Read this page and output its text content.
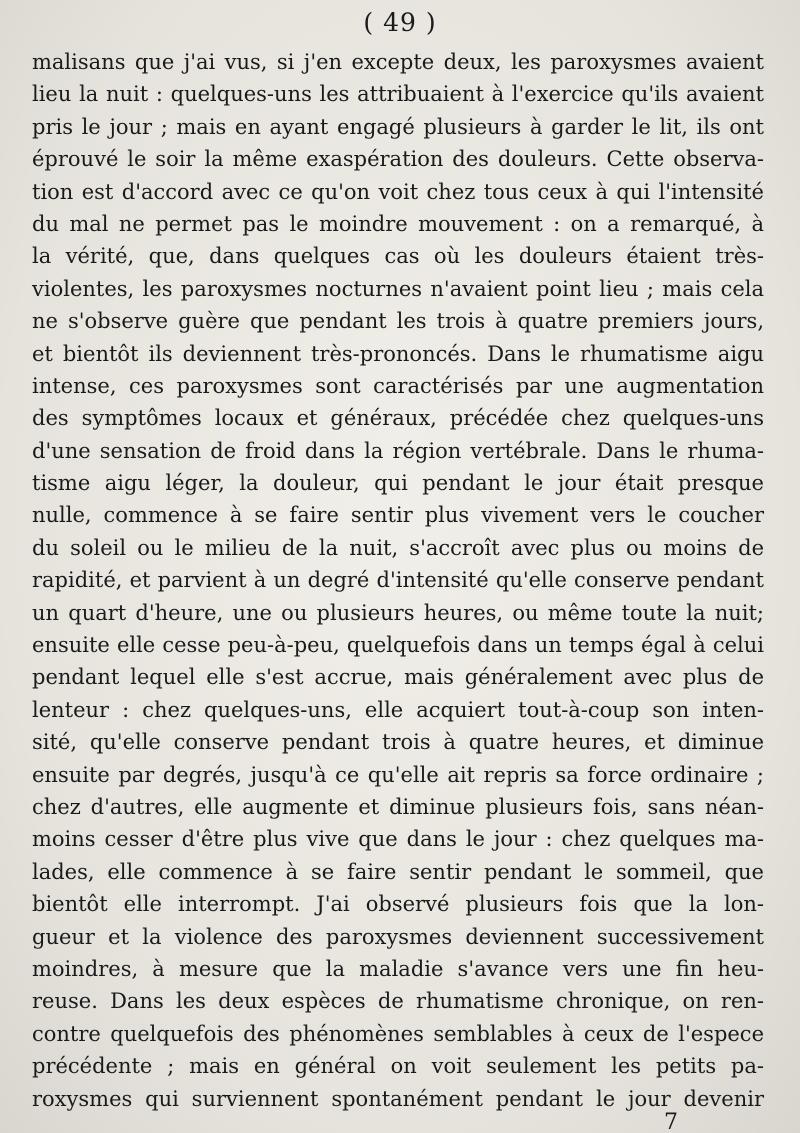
( 49 )
malisans que j'ai vus, si j'en excepte deux, les paroxysmes avaient
lieu la nuit : quelques-uns les attribuaient à l'exercice qu'ils avaient
pris le jour ; mais en ayant engagé plusieurs à garder le lit, ils ont
éprouvé le soir la même exaspération des douleurs. Cette observa-
tion est d'accord avec ce qu'on voit chez tous ceux à qui l'intensité
du mal ne permet pas le moindre mouvement : on a remarqué, à
la vérité, que, dans quelques cas où les douleurs étaient très-
violentes, les paroxysmes nocturnes n'avaient point lieu ; mais cela
ne s'observe guère que pendant les trois à quatre premiers jours,
et bientôt ils deviennent très-prononcés. Dans le rhumatisme aigu
intense, ces paroxysmes sont caractérisés par une augmentation
des symptômes locaux et généraux, précédée chez quelques-uns
d'une sensation de froid dans la région vertébrale. Dans le rhuma-
tisme aigu léger, la douleur, qui pendant le jour était presque
nulle, commence à se faire sentir plus vivement vers le coucher
du soleil ou le milieu de la nuit, s'accroît avec plus ou moins de
rapidité, et parvient à un degré d'intensité qu'elle conserve pendant
un quart d'heure, une ou plusieurs heures, ou même toute la nuit;
ensuite elle cesse peu-à-peu, quelquefois dans un temps égal à celui
pendant lequel elle s'est accrue, mais généralement avec plus de
lenteur : chez quelques-uns, elle acquiert tout-à-coup son inten-
sité, qu'elle conserve pendant trois à quatre heures, et diminue
ensuite par degrés, jusqu'à ce qu'elle ait repris sa force ordinaire ;
chez d'autres, elle augmente et diminue plusieurs fois, sans néan-
moins cesser d'être plus vive que dans le jour : chez quelques ma-
lades, elle commence à se faire sentir pendant le sommeil, que
bientôt elle interrompt. J'ai observé plusieurs fois que la lon-
gueur et la violence des paroxysmes deviennent successivement
moindres, à mesure que la maladie s'avance vers une fin heu-
reuse. Dans les deux espèces de rhumatisme chronique, on ren-
contre quelquefois des phénomènes semblables à ceux de l'espece
précédente ; mais en général on voit seulement les petits pa-
roxysmes qui surviennent spontanément pendant le jour devenir
7
